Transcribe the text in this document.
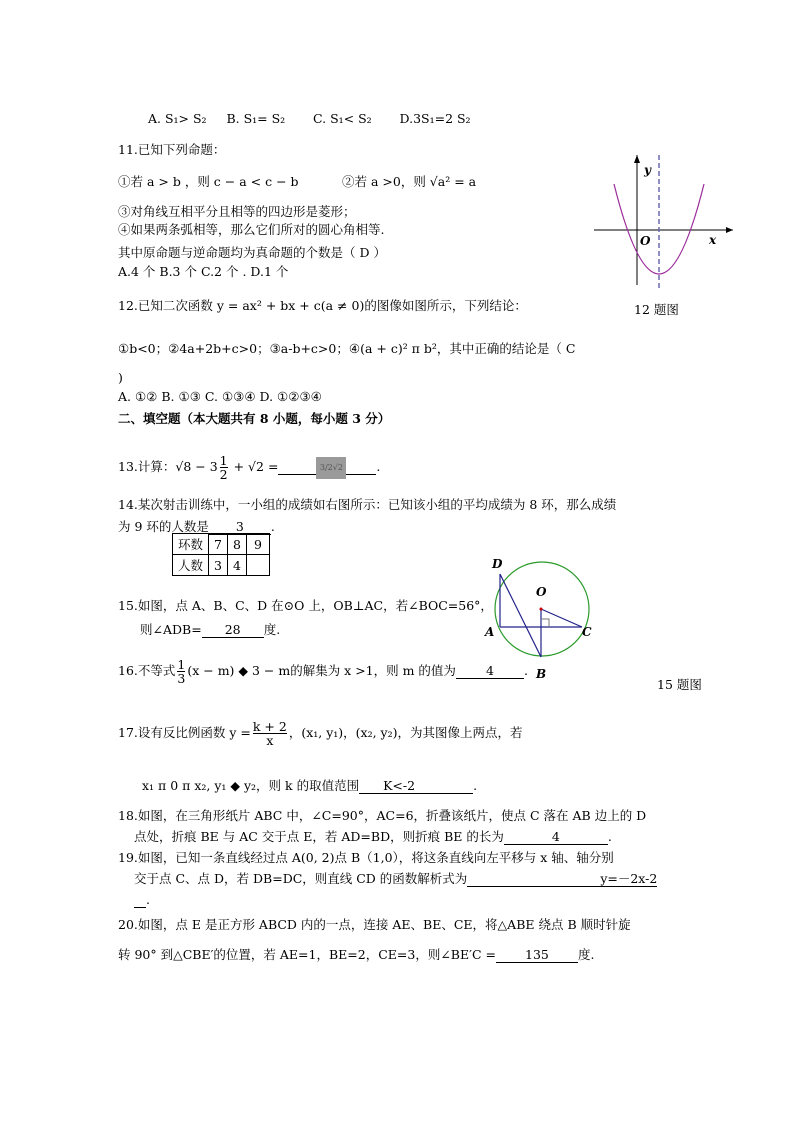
A. S₁> S₂ B. S₁= S₂ C. S₁< S₂ D.3S₁=2 S₂
11.已知下列命题：
①若 a > b ，则 c − a < c − b	②若 a >0，则 √a² = a
③对角线互相平分且相等的四边形是菱形；
④如果两条弧相等，那么它们所对的圆心角相等.
其中原命题与逆命题均为真命题的个数是（ D ）
A.4 个 B.3 个 C.2 个 . D.1 个
y
x
O
12.已知二次函数 y = ax² + bx + c(a ≠ 0)的图像如图所示，下列结论：	12 题图
①b<0；②4a+2b+c>0；③a-b+c>0；④(a + c)² π b²，其中正确的结论是（ C
)
A. ①② B. ①③ C. ①③④ D. ①②③④
二、填空题（本大题共有 8 小题，每小题 3 分）
13.计算：$√8 - 3 \frac{1}{2} + √2$ =	3/2√2	.
14.某次射击训练中，一小组的成绩如右图所示：已知该小组的平均成绩为 8 环，那么成绩
为 9 环的人数是 3 .
环数	7	8	9
人数	3	4		D
O
A
B
C
15.如图，点 A、B、C、D 在⊙O 上，OB⊥AC，若∠BOC=56°，
则∠ADB= 28 度.
16.不等式 $\frac{1}{3} (x - m)$ ◆ 3 − m的解集为 x >1，则 m 的值为 4 .
15 题图
17.设有反比例函数 $y = \frac{k + 2}{x}$ ，(x₁, y₁)，(x₂, y₂)，为其图像上两点，若
x₁ π 0 π x₂, y₁ ◆ y₂，则 k 的取值范围 K<-2	.
18.如图，在三角形纸片 ABC 中，∠C=90°，AC=6，折叠该纸片，使点 C 落在 AB 边上的 D
点处，折痕 BE 与 AC 交于点 E，若 AD=BD，则折痕 BE 的长为	4	.
19.如图，已知一条直线经过点 A(0, 2)点 B（1,0），将这条直线向左平移与 x 轴、轴分别
交于点 C、点 D，若 DB=DC，则直线 CD 的函数解析式为	y=－2x-2
.
20.如图，点 E 是正方形 ABCD 内的一点，连接 AE、BE、CE，将△ABE 绕点 B 顺时针旋
转 90° 到△CBE′的位置，若 AE=1，BE=2，CE=3，则∠BE′C = 135 度.
